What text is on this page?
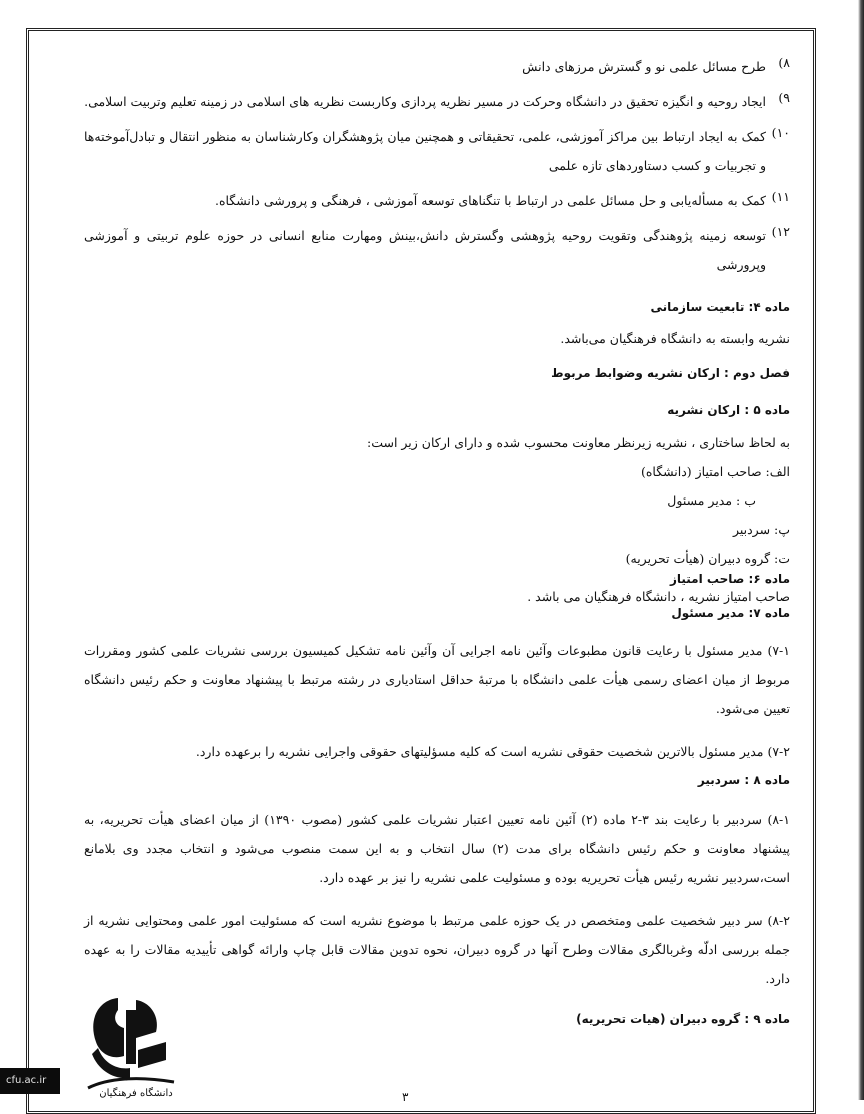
٨)
طرح مسائل علمی نو و گسترش مرزهای دانش
٩)
ایجاد روحیه و انگیزه تحقیق در دانشگاه وحرکت در مسیر نظریه پردازی وکاربست نظریه های اسلامی در زمینه تعلیم وتربیت اسلامی.
١٠)
کمک به ایجاد ارتباط بین مراکز آموزشی، علمی، تحقیقاتی و همچنین میان پژوهشگران وکارشناسان به منظور انتقال و تبادل‌آموخته‌ها و تجربیات و کسب دستاوردهای تازه علمی
١١)
کمک به مسأله‌یابی و حل مسائل علمی در ارتباط با تنگناهای توسعه آموزشی ، فرهنگی و پرورشی دانشگاه.
١٢)
توسعه زمینه پژوهندگی وتقویت روحیه پژوهشی وگسترش دانش،بینش ومهارت منابع انسانی در حوزه علوم تربیتی و آموزشی وپرورشی
ماده ۴: تابعیت سازمانی
نشریه وابسته به دانشگاه فرهنگیان می‌باشد.
فصل دوم : ارکان نشریه وضوابط مربوط
ماده ۵ : ارکان نشریه
به لحاظ ساختاری ، نشریه زیرنظر معاونت محسوب شده و دارای ارکان زیر است:
الف: صاحب امتیاز (دانشگاه)
ب : مدیر مسئول
پ: سردبیر
ت: گروه دبیران (هیأت تحریریه)
ماده ۶: صاحب امتیاز
صاحب امتیاز نشریه ، دانشگاه فرهنگیان می باشد .
ماده ۷: مدیر مسئول
۷-۱) مدیر مسئول با رعایت قانون مطبوعات وآئین نامه اجرایی آن وآئین نامه تشکیل کمیسیون بررسی نشریات علمی کشور ومقررات مربوط از میان اعضای رسمی هیأت علمی دانشگاه با مرتبهٔ حداقل استادیاری در رشته مرتبط با پیشنهاد معاونت و حکم رئیس دانشگاه تعیین می‌شود.
۷-۲) مدیر مسئول بالاترین شخصیت حقوقی نشریه است که کلیه مسؤلیتهای حقوقی واجرایی نشریه را برعهده دارد.
ماده ۸ : سردبیر
۸-۱) سردبیر با رعایت بند ۳-۲ ماده (۲) آئین نامه تعیین اعتبار نشریات علمی کشور (مصوب ۱۳۹۰) از میان اعضای هیأت تحریریه، به پیشنهاد معاونت و حکم رئیس دانشگاه برای مدت (۲) سال انتخاب و به این سمت منصوب می‌شود و انتخاب مجدد وی بلامانع است،سردبیر نشریه رئیس هیأت تحریریه بوده و مسئولیت علمی نشریه را نیز بر عهده دارد.
۸-۲) سر دبیر شخصیت علمی ومتخصص در یک حوزه علمی مرتبط با موضوع نشریه است که مسئولیت امور علمی ومحتوایی نشریه از جمله بررسی ادلّه وغربالگری مقالات وطرح آنها در گروه دبیران، نحوه تدوین مقالات قابل چاپ وارائه گواهی تأییدیه مقالات را به عهده دارد.
ماده ۹ : گروه دبیران (هیات تحریریه)
دانشگاه فرهنگیان
cfu.ac.ir
۳
